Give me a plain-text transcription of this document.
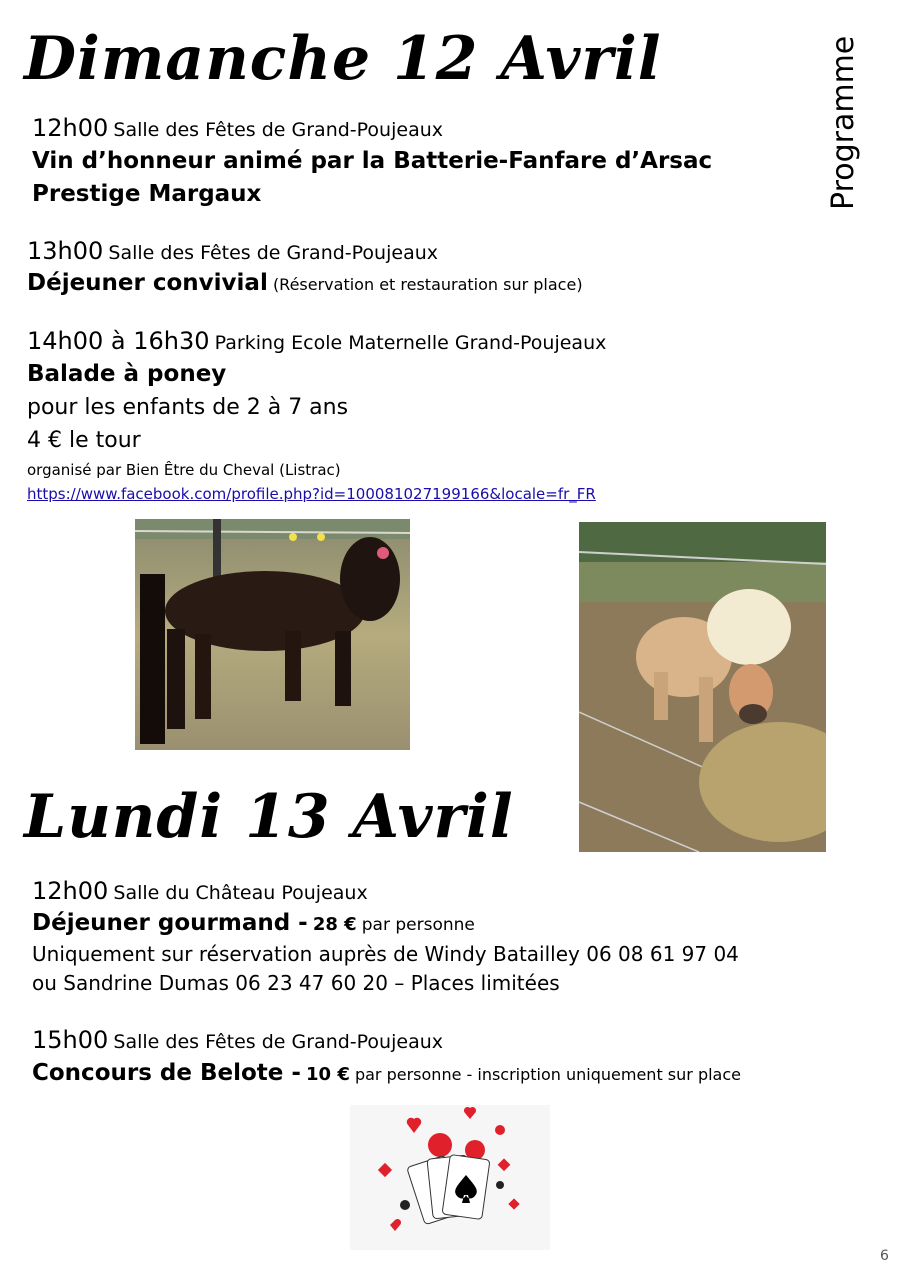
Programme
Dimanche 12 Avril
12h00 Salle des Fêtes de Grand-Poujeaux
Vin d’honneur animé par la Batterie-Fanfare d’Arsac
Prestige Margaux
13h00 Salle des Fêtes de Grand-Poujeaux
Déjeuner convivial (Réservation et restauration sur place)
14h00 à 16h30 Parking Ecole Maternelle Grand-Poujeaux
Balade à poney
pour les enfants de 2 à 7 ans
4 € le tour
organisé par Bien Être du Cheval (Listrac)
https://www.facebook.com/profile.php?id=100081027199166&locale=fr_FR
Lundi 13 Avril
12h00 Salle du Château Poujeaux
Déjeuner gourmand - 28 € par personne
Uniquement sur réservation auprès de Windy Batailley 06 08 61 97 04
ou Sandrine Dumas 06 23 47 60 20 – Places limitées
15h00 Salle des Fêtes de Grand-Poujeaux
Concours de Belote - 10 € par personne - inscription uniquement sur place
6
